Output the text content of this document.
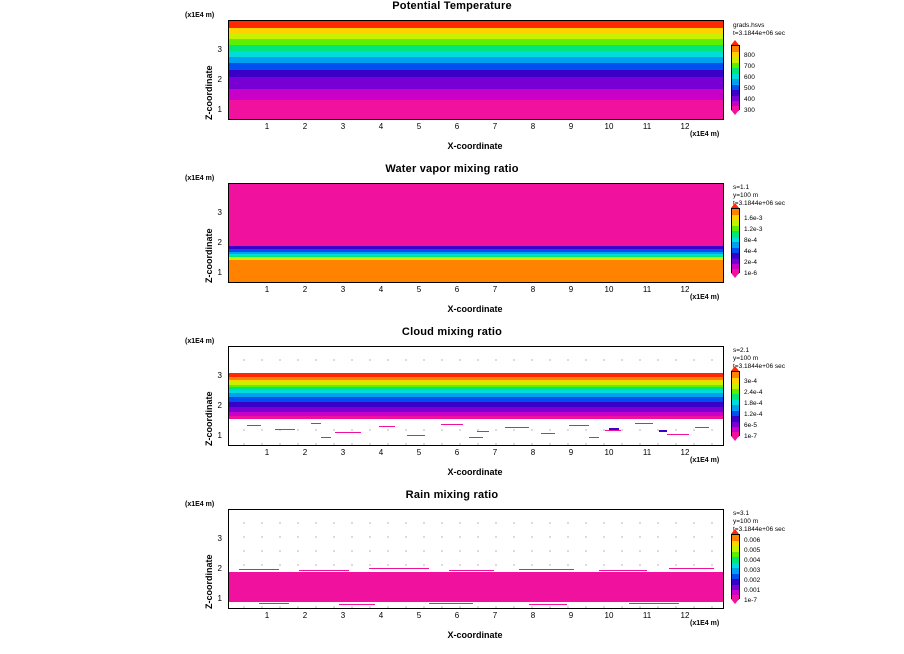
Potential Temperature
(x1E4 m)
Z-coordinate 1
2
3
1	2	3	4	5	6	7	8	9	10	11	12
(x1E4 m)
X-coordinate
grads.hsvs
t=3.1844e+06 sec
800
700
600
500
400
300
Water vapor mixing ratio
(x1E4 m)
Z-coordinate 1
2
3
1	2	3	4	5	6	7	8	9	10	11	12
(x1E4 m)
X-coordinate
s=1.1
y=100 m
t=3.1844e+06 sec
1.6e-3
1.2e-3
8e-4
4e-4
2e-4
1e-6
Cloud mixing ratio
(x1E4 m)
Z-coordinate 1
2
3
1	2	3	4	5	6	7	8	9	10	11	12
(x1E4 m)
X-coordinate
s=2.1
y=100 m
t=3.1844e+06 sec
3e-4
2.4e-4
1.8e-4
1.2e-4
6e-5
1e-7
Rain mixing ratio
(x1E4 m)
Z-coordinate 1
2
3
1	2	3	4	5	6	7	8	9	10	11	12
(x1E4 m)
X-coordinate
s=3.1
y=100 m
t=3.1844e+06 sec
0.006
0.005
0.004
0.003
0.002
0.001
1e-7
